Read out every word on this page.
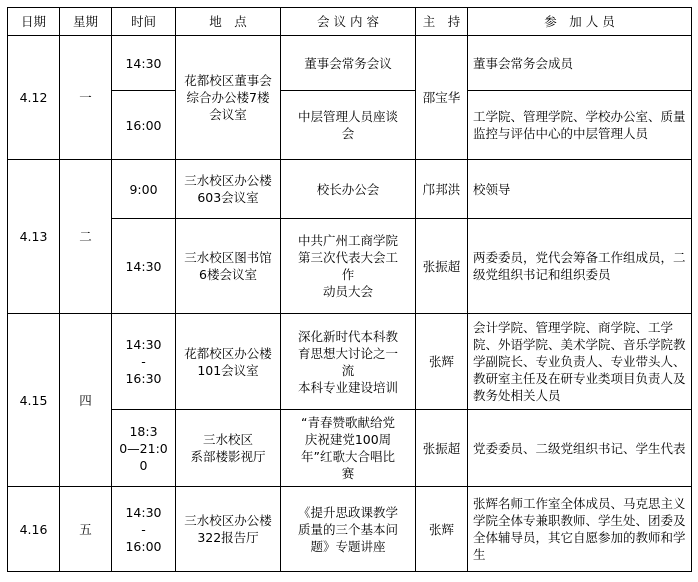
日期	星期	时间	地　点	会 议 内 容	主　持	参　加 人 员
4.12	一	14:30	花都校区董事会
综合办公楼7楼
会议室	董事会常务会议	邵宝华	董事会常务会成员

		16:00		中层管理人员座谈
会		工学院、管理学院、学校办公室、质量监控与评估中心的中层管理人员
4.13	二	9:00	三水校区办公楼
603会议室	校长办公会	邝邦洪	校领导

		14:30	三水校区图书馆
6楼会议室	中共广州工商学院
第三次代表大会工
作
动员大会	张振超	两委委员，党代会筹备工作组成员，二级党组织书记和组织委员
4.15	四	14:30
-
16:30	花都校区办公楼
101会议室	深化新时代本科教
育思想大讨论之一
流
本科专业建设培训	张辉	会计学院、管理学院、商学院、工学院、外语学院、美术学院、音乐学院教学副院长、专业负责人、专业带头人、教研室主任及在研专业类项目负责人及教务处相关人员

		18:3
0—21:0
0	三水校区
系部楼影视厅	“青春赞歌献给党
庆祝建党100周
年”红歌大合唱比
赛	张振超	党委委员、二级党组织书记、学生代表
4.16	五	14:30
-
16:00	三水校区办公楼
322报告厅	《提升思政课教学
质量的三个基本问
题》专题讲座	张辉	张辉名师工作室全体成员、马克思主义学院全体专兼职教师、学生处、团委及全体辅导员，其它自愿参加的教师和学生
